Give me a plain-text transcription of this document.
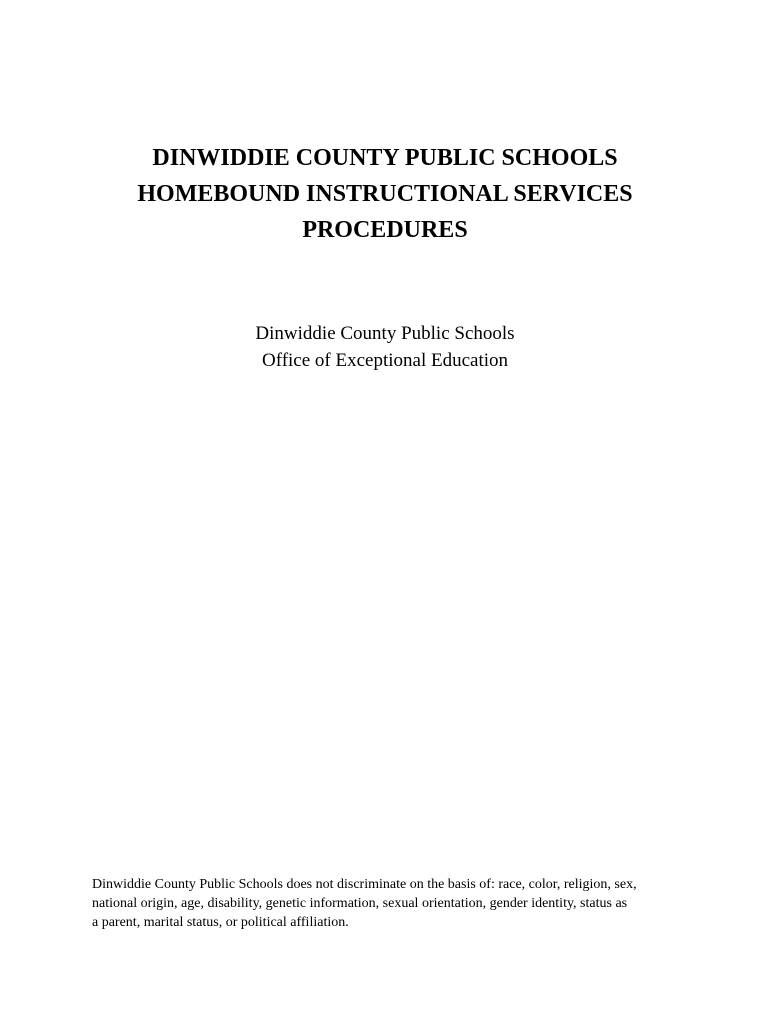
DINWIDDIE COUNTY PUBLIC SCHOOLS
HOMEBOUND INSTRUCTIONAL SERVICES
PROCEDURES
Dinwiddie County Public Schools
Office of Exceptional Education
Dinwiddie County Public Schools does not discriminate on the basis of: race, color, religion, sex,
national origin, age, disability, genetic information, sexual orientation, gender identity, status as
a parent, marital status, or political affiliation.
